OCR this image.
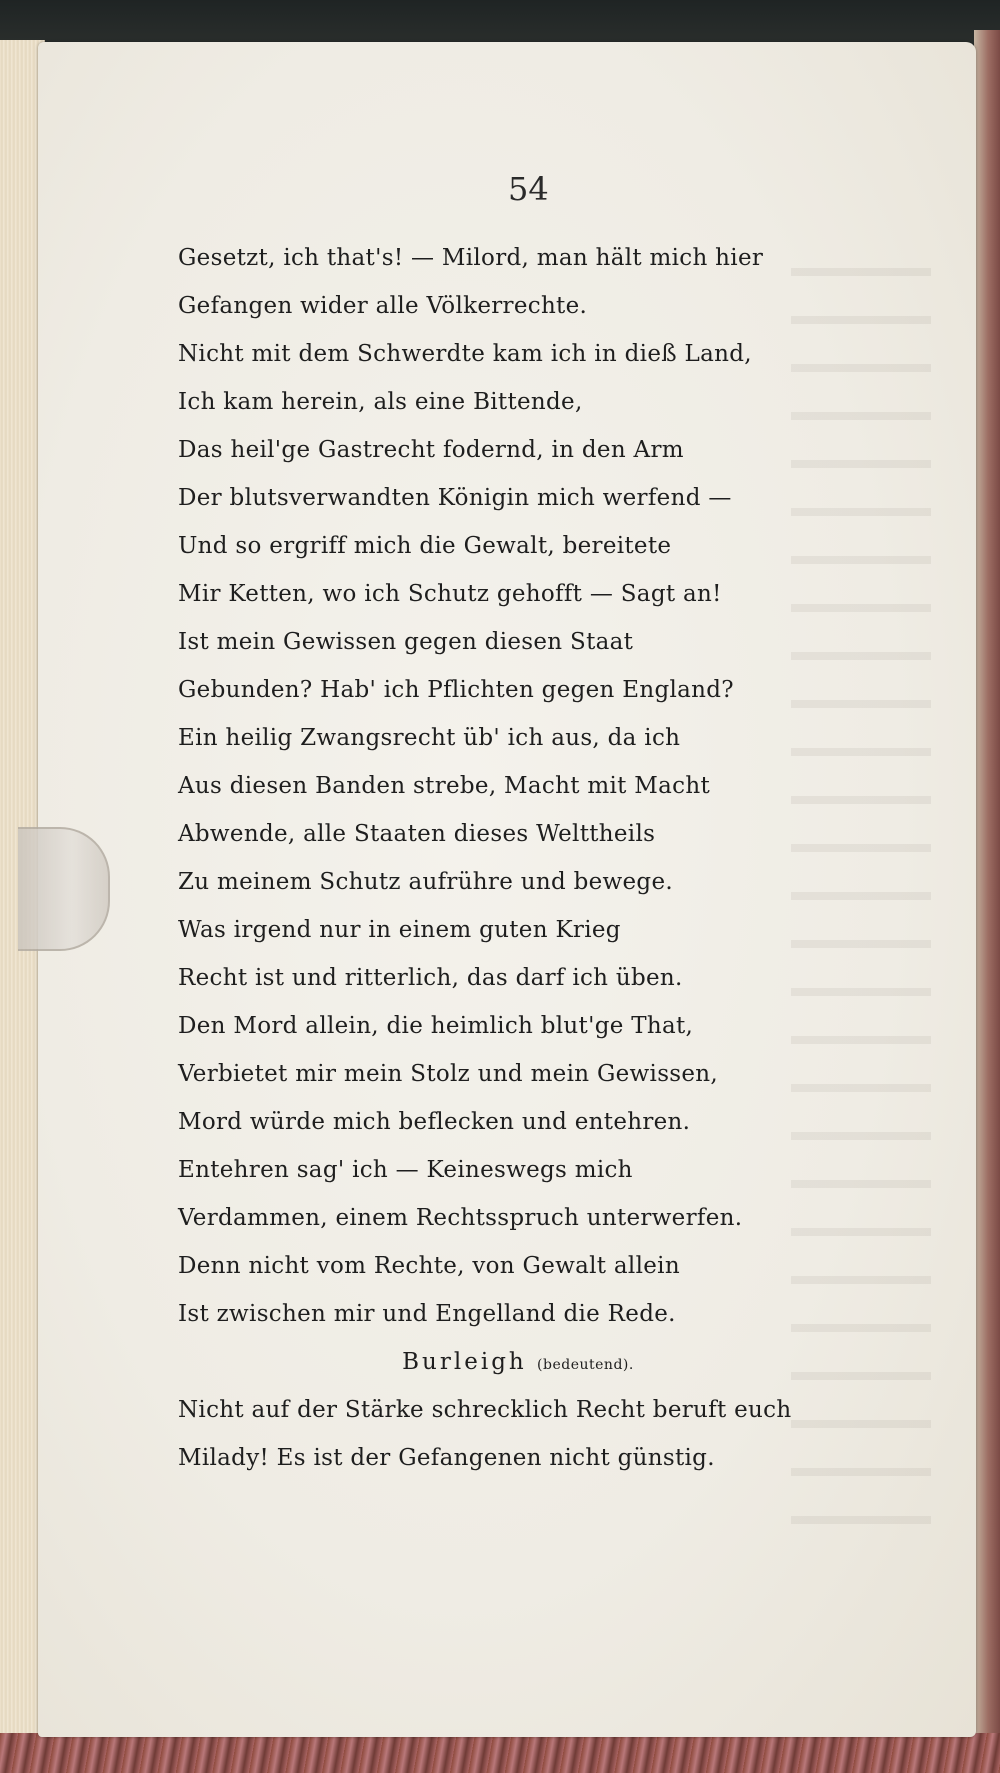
54

Gesetzt, ich that's! — Milord, man hält mich hier
Gefangen wider alle Völkerrechte.
Nicht mit dem Schwerdte kam ich in dieß Land,
Ich kam herein, als eine Bittende,
Das heil'ge Gastrecht fodernd, in den Arm
Der blutsverwandten Königin mich werfend —
Und so ergriff mich die Gewalt, bereitete
Mir Ketten, wo ich Schutz gehofft — Sagt an!
Ist mein Gewissen gegen diesen Staat
Gebunden? Hab' ich Pflichten gegen England?
Ein heilig Zwangsrecht üb' ich aus, da ich
Aus diesen Banden strebe, Macht mit Macht
Abwende, alle Staaten dieses Welttheils
Zu meinem Schutz aufrühre und bewege.
Was irgend nur in einem guten Krieg
Recht ist und ritterlich, das darf ich üben.
Den Mord allein, die heimlich blut'ge That,
Verbietet mir mein Stolz und mein Gewissen,
Mord würde mich beflecken und entehren.
Entehren sag' ich — Keineswegs mich
Verdammen, einem Rechtsspruch unterwerfen.
Denn nicht vom Rechte, von Gewalt allein
Ist zwischen mir und Engelland die Rede.
Burleigh (bedeutend).
Nicht auf der Stärke schrecklich Recht beruft euch
Milady! Es ist der Gefangenen nicht günstig.
